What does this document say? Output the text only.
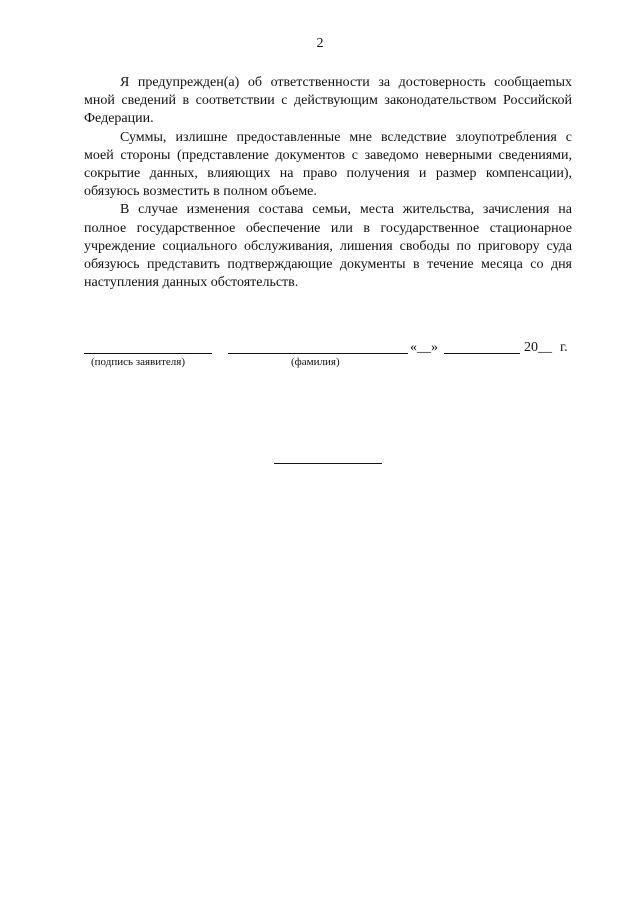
2

Я предупрежден(а) об ответственности за достоверность сообщаеmых мной сведений в соответствии с действующим законодательством Российской Федерации.

Суммы, излишне предоставленные мне вследствие злоупотребления с моей стороны (представление документов с заведомо неверными сведениями, сокрытие данных, влияющих на право получения и размер компенсации), обязуюсь возместить в полном объеме.

В случае изменения состава семьи, места жительства, зачисления на полное государственное обеспечение или в государственное стационарное учреждение социального обслуживания, лишения свободы по приговору суда обязуюсь представить подтверждающие документы в течение месяца со дня наступления данных обстоятельств.

«__»	20__ г.
(подпись заявителя)	(фамилия)
